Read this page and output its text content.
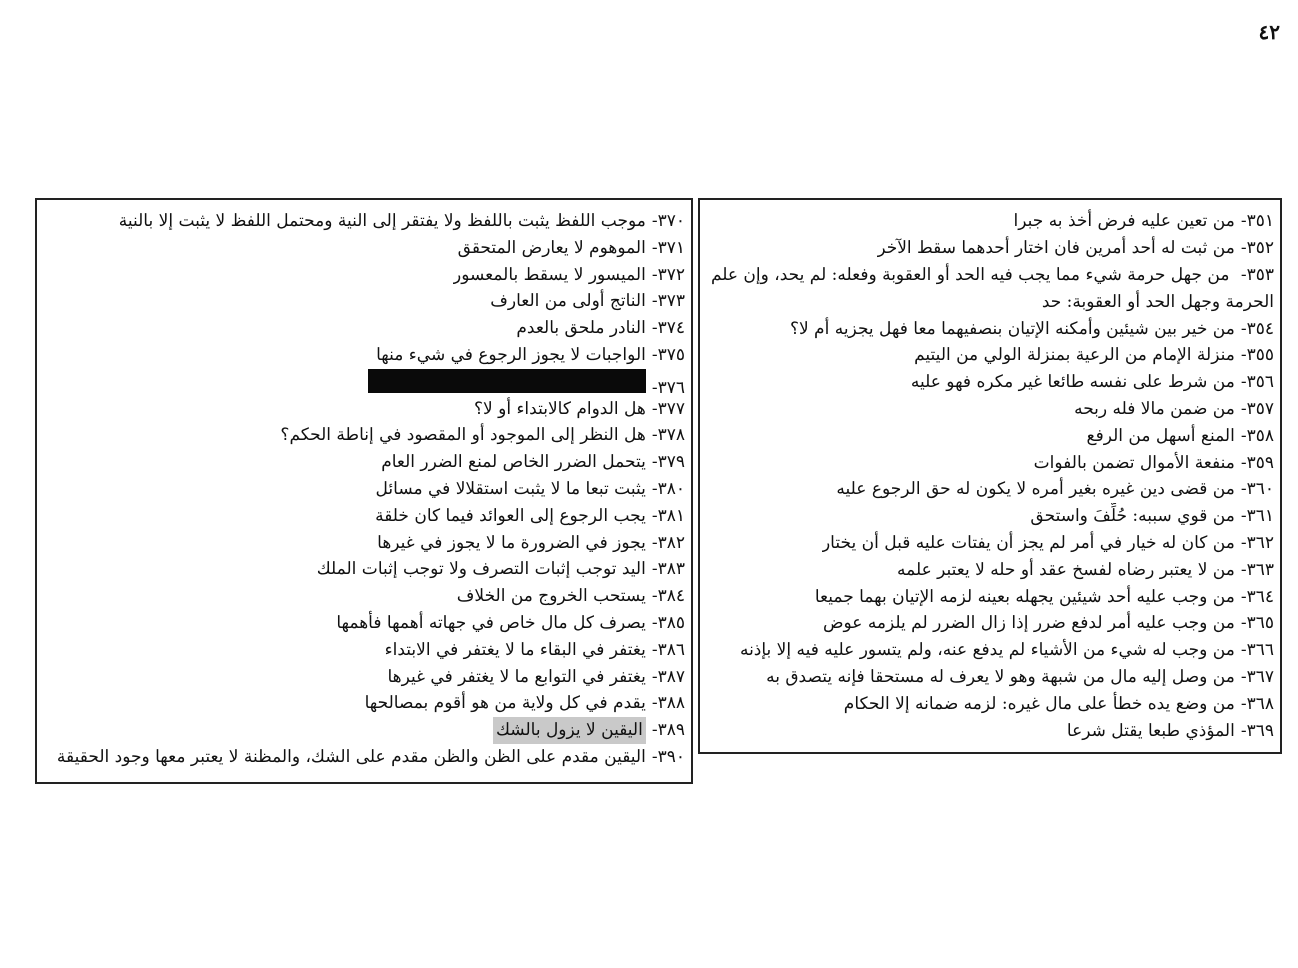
٤٢
٣٥١-
من تعين عليه فرض أخذ به جبرا
٣٥٢-
من ثبت له أحد أمرين فان اختار أحدهما سقط الآخر
٣٥٣- من جهل حرمة شيء مما يجب فيه الحد أو العقوبة وفعله: لم يحد، وإن علم الحرمة وجهل الحد أو العقوبة: حد
٣٥٤-
من خير بين شيئين وأمكنه الإتيان بنصفيهما معا فهل يجزيه أم لا؟
٣٥٥-
منزلة الإمام من الرعية بمنزلة الولي من اليتيم
٣٥٦-
من شرط على نفسه طائعا غير مكره فهو عليه
٣٥٧-
من ضمن مالا فله ربحه
٣٥٨-
المنع أسهل من الرفع
٣٥٩-
منفعة الأموال تضمن بالفوات
٣٦٠-
من قضى دين غيره بغير أمره لا يكون له حق الرجوع عليه
٣٦١-
من قوي سببه: حُلِّفَ واستحق
٣٦٢-
من كان له خيار في أمر لم يجز أن يفتات عليه قبل أن يختار
٣٦٣-
من لا يعتبر رضاه لفسخ عقد أو حله لا يعتبر علمه
٣٦٤-
من وجب عليه أحد شيئين يجهله بعينه لزمه الإتيان بهما جميعا
٣٦٥-
من وجب عليه أمر لدفع ضرر إذا زال الضرر لم يلزمه عوض
٣٦٦-
من وجب له شيء من الأشياء لم يدفع عنه، ولم يتسور عليه فيه إلا بإذنه
٣٦٧-
من وصل إليه مال من شبهة وهو لا يعرف له مستحقا فإنه يتصدق به
٣٦٨-
من وضع يده خطأ على مال غيره: لزمه ضمانه إلا الحكام
٣٦٩-
المؤذي طبعا يقتل شرعا
٣٧٠-
موجب اللفظ يثبت باللفظ ولا يفتقر إلى النية ومحتمل اللفظ لا يثبت إلا بالنية
٣٧١-
الموهوم لا يعارض المتحقق
٣٧٢-
الميسور لا يسقط بالمعسور
٣٧٣-
الناتج أولى من العارف
٣٧٤-
النادر ملحق بالعدم
٣٧٥-
الواجبات لا يجوز الرجوع في شيء منها
٣٧٦-
٣٧٧-
هل الدوام كالابتداء أو لا؟
٣٧٨-
هل النظر إلى الموجود أو المقصود في إناطة الحكم؟
٣٧٩-
يتحمل الضرر الخاص لمنع الضرر العام
٣٨٠-
يثبت تبعا ما لا يثبت استقلالا في مسائل
٣٨١-
يجب الرجوع إلى العوائد فيما كان خلقة
٣٨٢-
يجوز في الضرورة ما لا يجوز في غيرها
٣٨٣-
اليد توجب إثبات التصرف ولا توجب إثبات الملك
٣٨٤-
يستحب الخروج من الخلاف
٣٨٥-
يصرف كل مال خاص في جهاته أهمها فأهمها
٣٨٦-
يغتفر في البقاء ما لا يغتفر في الابتداء
٣٨٧-
يغتفر في التوابع ما لا يغتفر في غيرها
٣٨٨-
يقدم في كل ولاية من هو أقوم بمصالحها
٣٨٩-
اليقين لا يزول بالشك
٣٩٠-
اليقين مقدم على الظن والظن مقدم على الشك، والمظنة لا يعتبر معها وجود الحقيقة
